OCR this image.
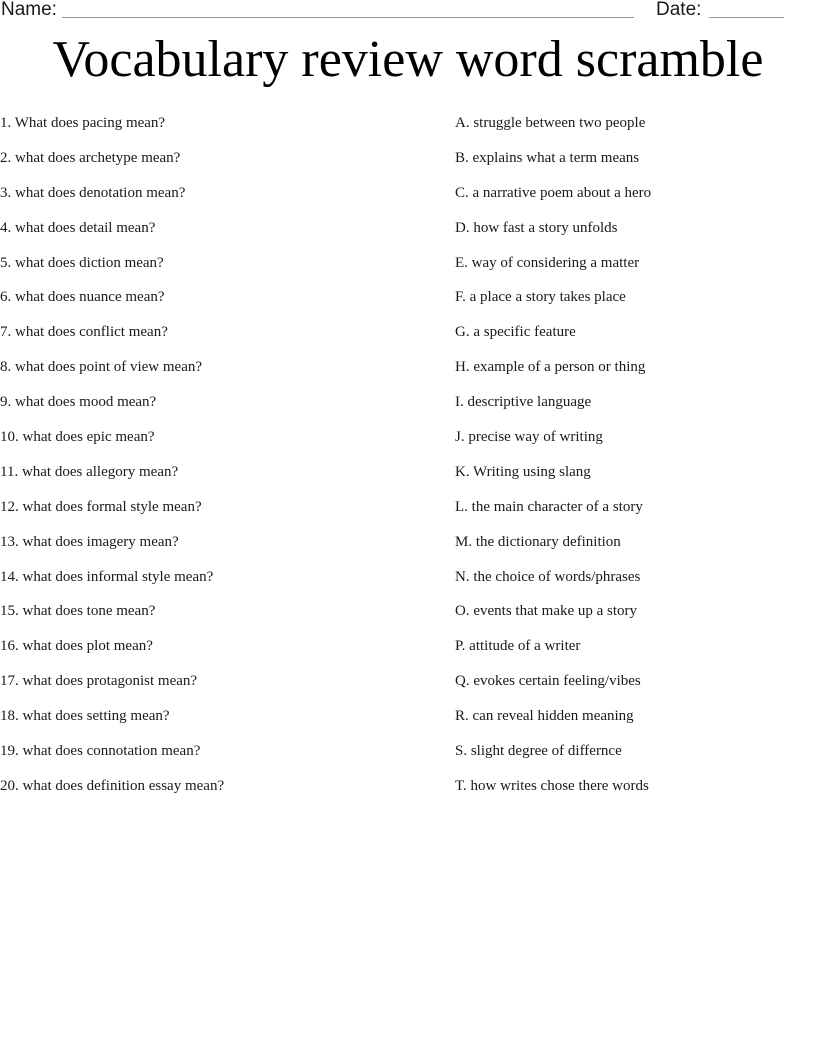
Name:	Date:
Vocabulary review word scramble
1. What does pacing mean?
2. what does archetype mean?
3. what does denotation mean?
4. what does detail mean?
5. what does diction mean?
6. what does nuance mean?
7. what does conflict mean?
8. what does point of view mean?
9. what does mood mean?
10. what does epic mean?
11. what does allegory mean?
12. what does formal style mean?
13. what does imagery mean?
14. what does informal style mean?
15. what does tone mean?
16. what does plot mean?
17. what does protagonist mean?
18. what does setting mean?
19. what does connotation mean?
20. what does definition essay mean?
A. struggle between two people
B. explains what a term means
C. a narrative poem about a hero
D. how fast a story unfolds
E. way of considering a matter
F. a place a story takes place
G. a specific feature
H. example of a person or thing
I. descriptive language
J. precise way of writing
K. Writing using slang
L. the main character of a story
M. the dictionary definition
N. the choice of words/phrases
O. events that make up a story
P. attitude of a writer
Q. evokes certain feeling/vibes
R. can reveal hidden meaning
S. slight degree of differnce
T. how writes chose there words
